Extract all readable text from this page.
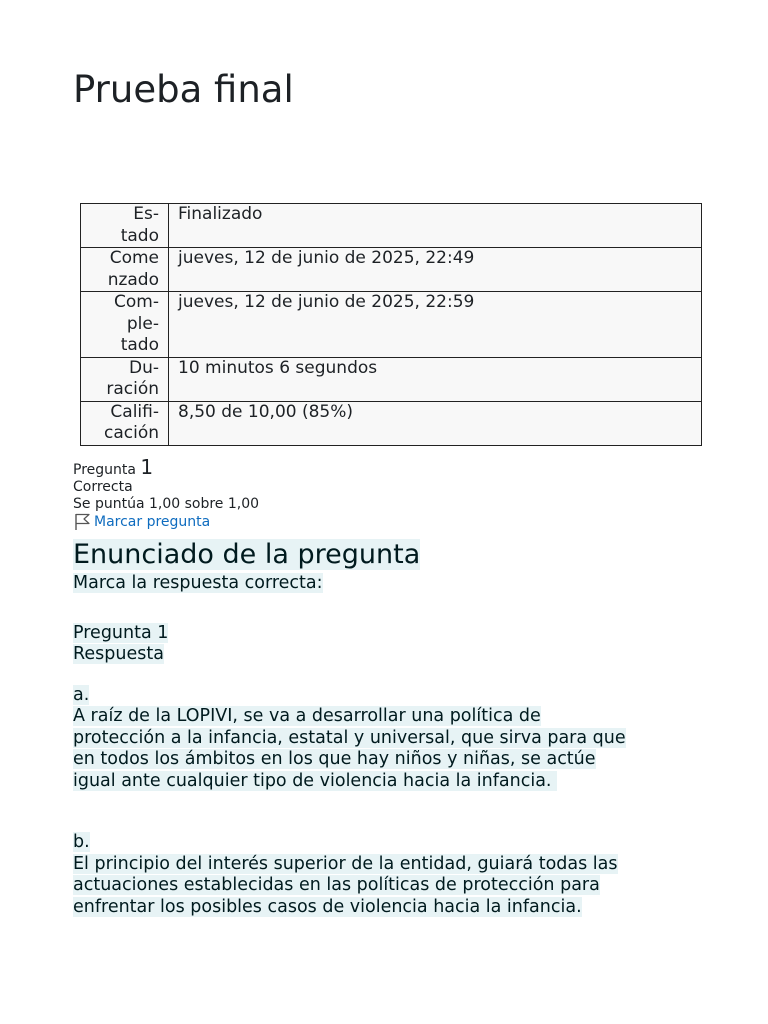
Prueba final
Es-
tado	Finalizado
Come
nzado	jueves, 12 de junio de 2025, 22:49
Com-
ple-
tado	jueves, 12 de junio de 2025, 22:59
Du-
ración	10 minutos 6 segundos
Califi-
cación	8,50 de 10,00 (85%)
Pregunta 1
Correcta
Se puntúa 1,00 sobre 1,00
Marcar pregunta
Enunciado de la pregunta
Marca la respuesta correcta:
Pregunta 1
Respuesta
a.
A raíz de la LOPIVI, se va a desarrollar una política de
protección a la infancia, estatal y universal, que sirva para que
en todos los ámbitos en los que hay niños y niñas, se actúe
igual ante cualquier tipo de violencia hacia la infancia.
b.
El principio del interés superior de la entidad, guiará todas las
actuaciones establecidas en las políticas de protección para
enfrentar los posibles casos de violencia hacia la infancia.
